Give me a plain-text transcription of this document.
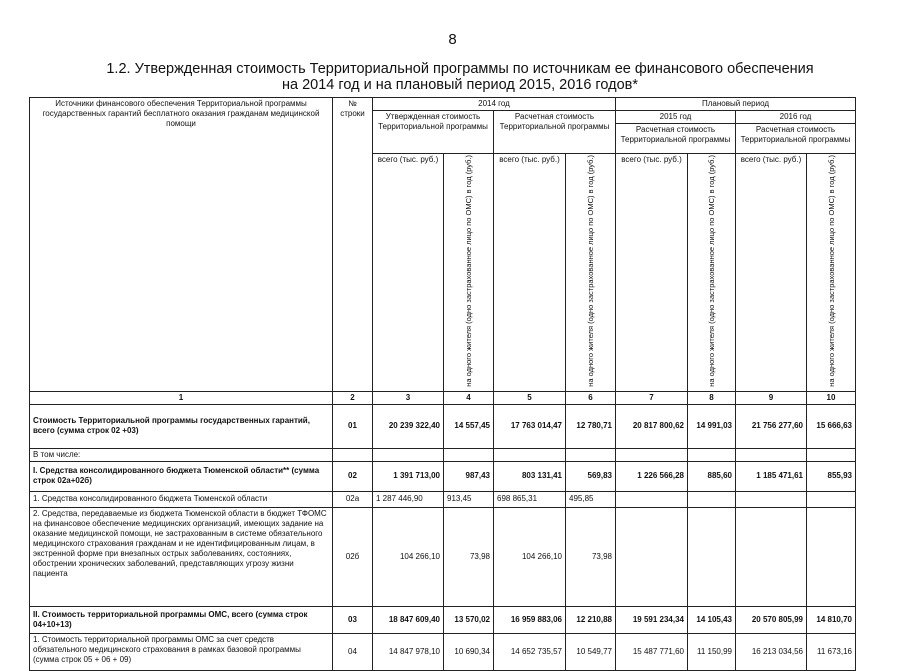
8
1.2. Утвержденная стоимость Территориальной программы по источникам ее финансового обеспечения
на 2014 год и на плановый период 2015, 2016 годов*
Источники финансового обеспечения Территориальной программы государственных гарантий бесплатного оказания гражданам медицинской помощи	№ строки	2014 год				Плановый период			
		Утвержденная стоимость Территориальной программы		Расчетная стоимость Территориальной программы		2015 год		2016 год	
						Расчетная стоимость Территориальной программы		Расчетная стоимость Территориальной программы	
		всего (тыс. руб.)	на одного жителя (одно застрахованное лицо по ОМС) в год (руб.)	всего (тыс. руб.)	на одного жителя (одно застрахованное лицо по ОМС) в год (руб.)	всего (тыс. руб.)	на одного жителя (одно застрахованное лицо по ОМС) в год (руб.)	всего (тыс. руб.)	на одного жителя (одно застрахованное лицо по ОМС) в год (руб.)
1	2	3	4	5	6	7	8	9	10
Стоимость Территориальной программы государственных гарантий, всего (сумма строк 02 +03)	01	20 239 322,40	14 557,45	17 763 014,47	12 780,71	20 817 800,62	14 991,03	21 756 277,60	15 666,63
В том числе:									
I. Средства консолидированного бюджета Тюменской области** (сумма строк 02а+02б)	02	1 391 713,00	987,43	803 131,41	569,83	1 226 566,28	885,60	1 185 471,61	855,93
1. Средства консолидированного бюджета Тюменской области	02а	1 287 446,90	913,45	698 865,31	495,85				
2. Средства, передаваемые из бюджета Тюменской области в бюджет ТФОМС на финансовое обеспечение медицинских организаций, имеющих задание на оказание медицинской помощи, не застрахованным в системе обязательного медицинского страхования гражданам и не идентифицированным лицам, в экстренной форме при внезапных острых заболеваниях, состояниях, обострении хронических заболеваний, представляющих угрозу жизни пациента	02б	104 266,10	73,98	104 266,10	73,98				
II. Стоимость территориальной программы ОМС, всего (сумма строк 04+10+13)	03	18 847 609,40	13 570,02	16 959 883,06	12 210,88	19 591 234,34	14 105,43	20 570 805,99	14 810,70
1. Стоимость территориальной программы ОМС за счет средств обязательного медицинского страхования в рамках базовой программы (сумма строк 05 + 06 + 09)	04	14 847 978,10	10 690,34	14 652 735,57	10 549,77	15 487 771,60	11 150,99	16 213 034,56	11 673,16
